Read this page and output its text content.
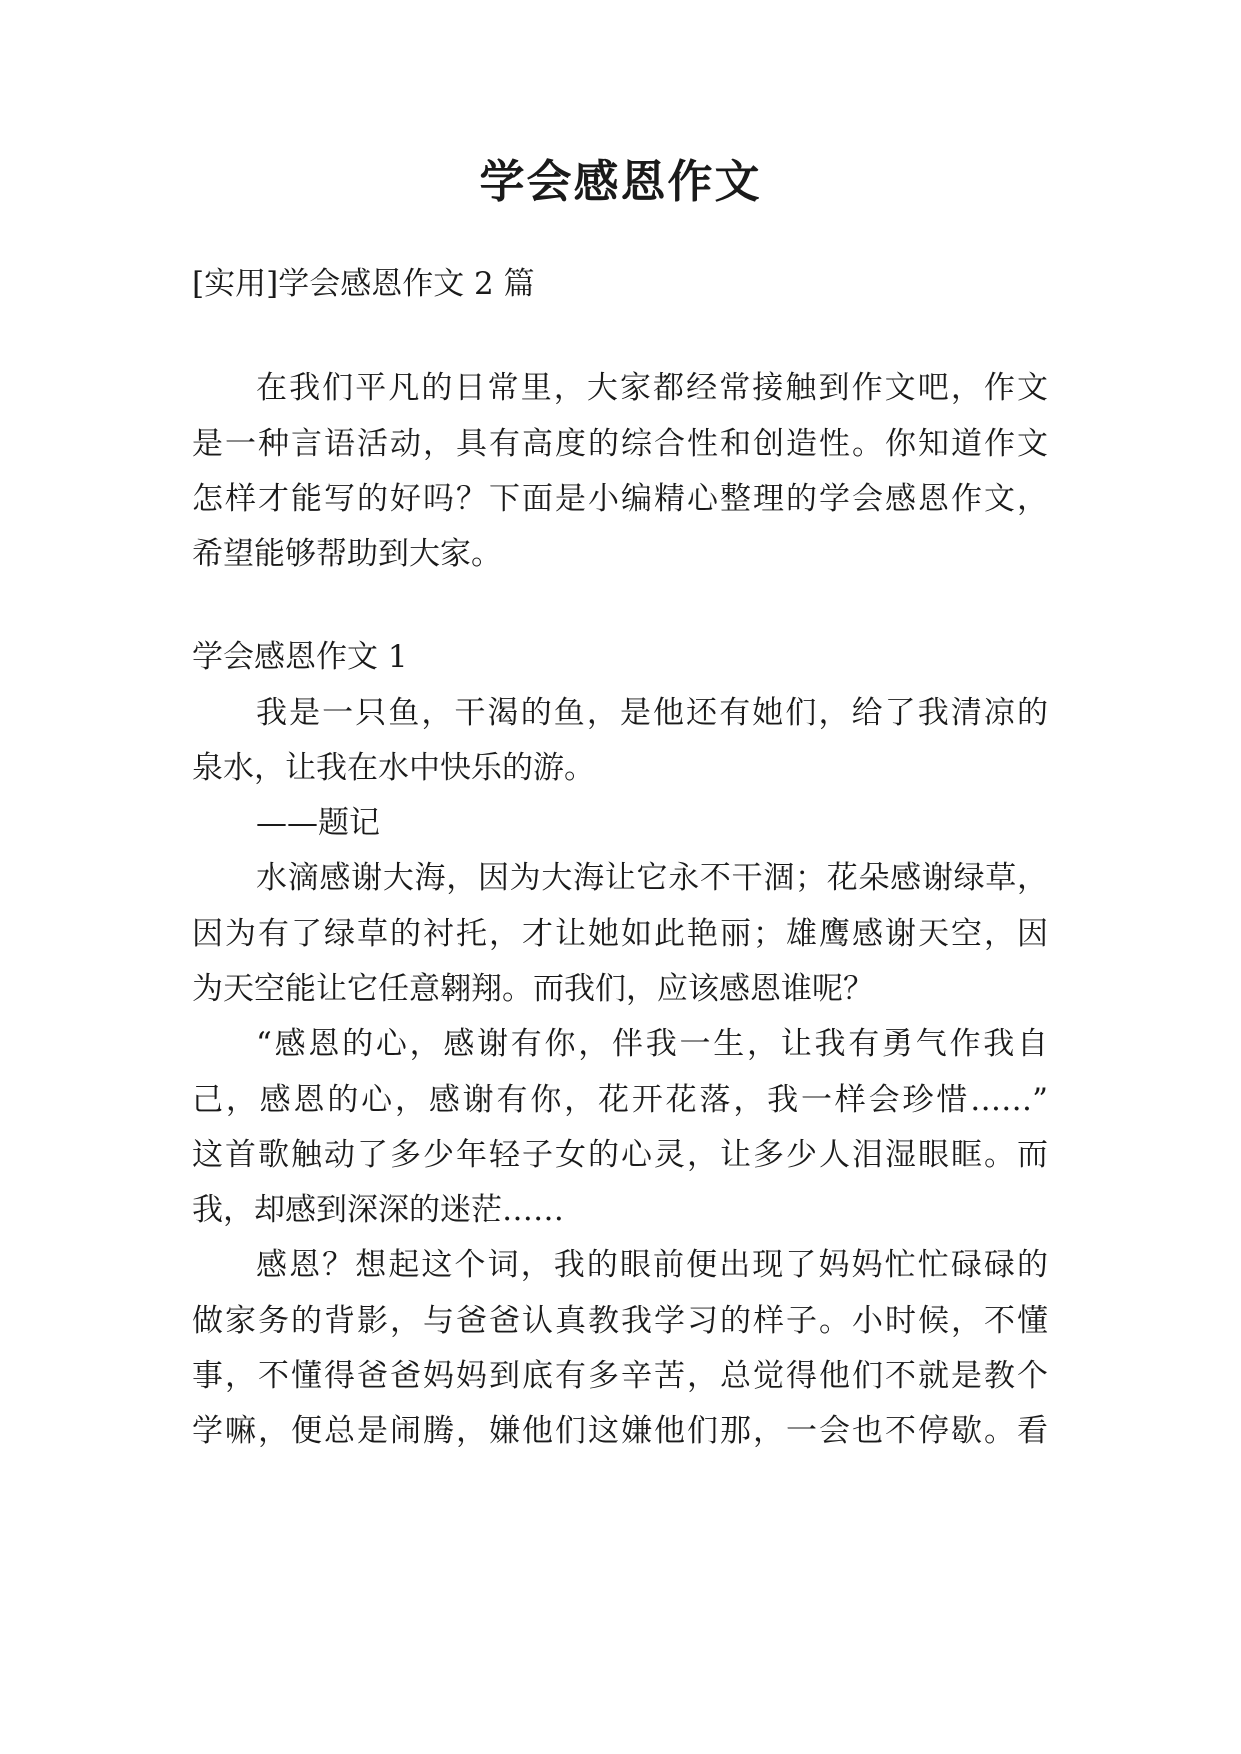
学会感恩作文

[实用]学会感恩作文 2 篇

在我们平凡的日常里，大家都经常接触到作文吧，作文

是一种言语活动，具有高度的综合性和创造性。你知道作文

怎样才能写的好吗？下面是小编精心整理的学会感恩作文，

希望能够帮助到大家。

学会感恩作文 1

我是一只鱼，干渴的鱼，是他还有她们，给了我清凉的

泉水，让我在水中快乐的游。

——题记

水滴感谢大海，因为大海让它永不干涸；花朵感谢绿草，

因为有了绿草的衬托，才让她如此艳丽；雄鹰感谢天空，因

为天空能让它任意翱翔。而我们，应该感恩谁呢？

“感恩的心，感谢有你，伴我一生，让我有勇气作我自

己，感恩的心，感谢有你，花开花落，我一样会珍惜……”

这首歌触动了多少年轻子女的心灵，让多少人泪湿眼眶。而

我，却感到深深的迷茫……

感恩？想起这个词，我的眼前便出现了妈妈忙忙碌碌的

做家务的背影，与爸爸认真教我学习的样子。小时候，不懂

事，不懂得爸爸妈妈到底有多辛苦，总觉得他们不就是教个

学嘛，便总是闹腾，嫌他们这嫌他们那，一会也不停歇。看
